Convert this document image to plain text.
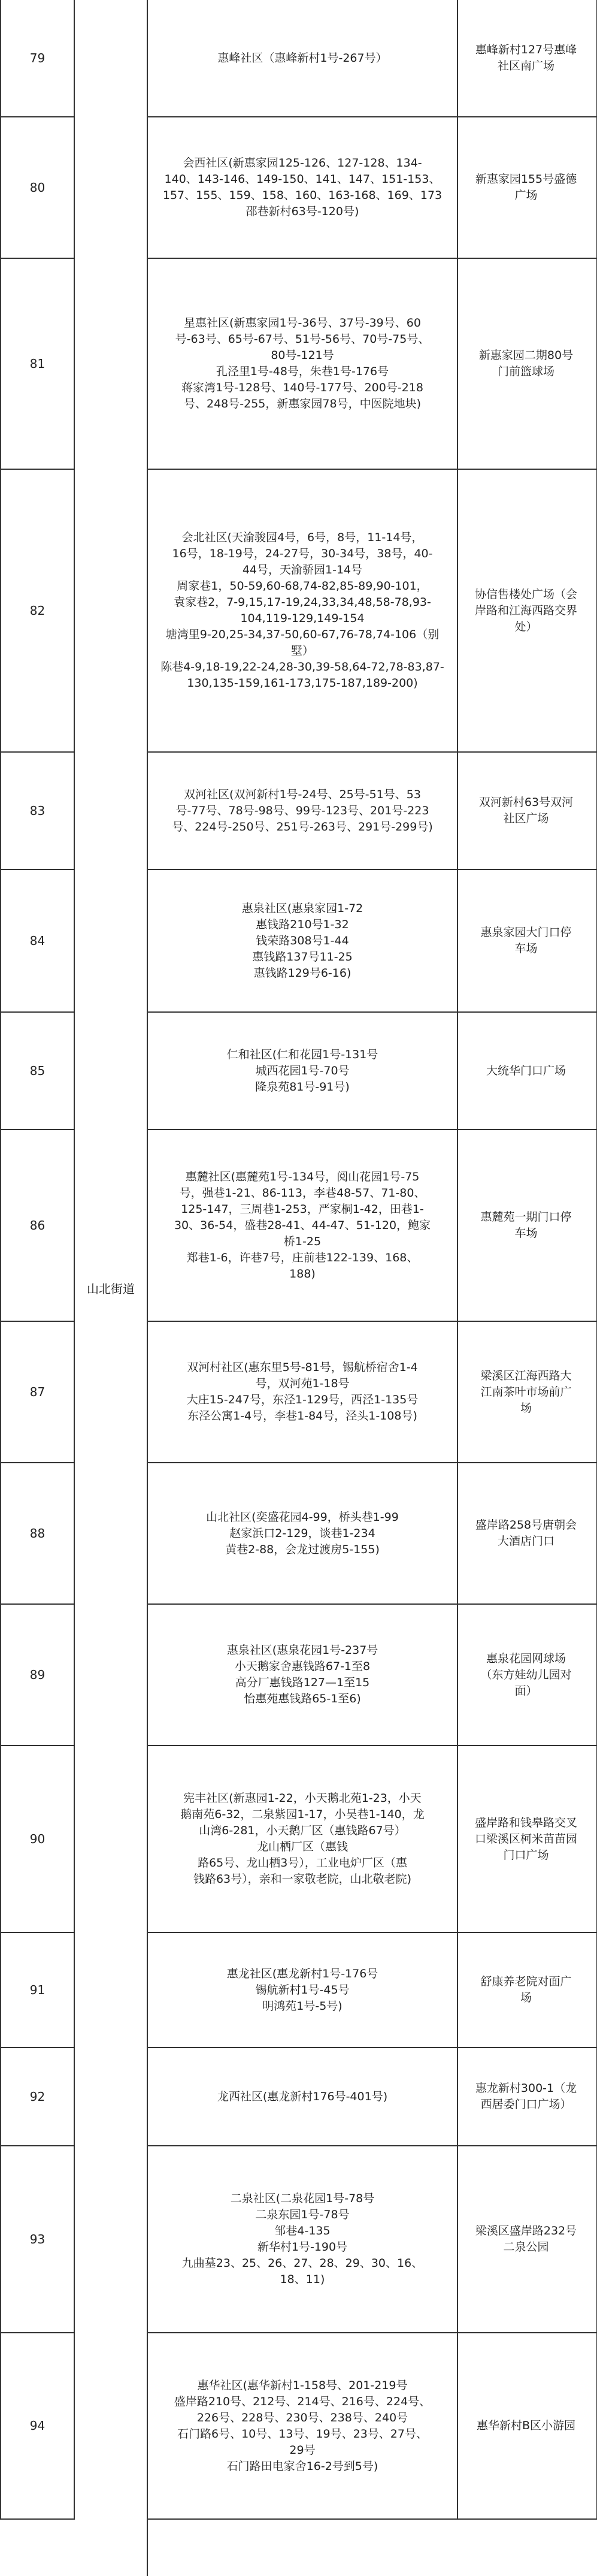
79	惠峰社区（惠峰新村1号-267号）
惠峰新村127号惠峰
社区南广场
80
会西社区(新惠家园125-126、127-128、134-
140、143-146、149-150、141、147、151-153、
157、155、159、158、160、163-168、169、173
邵巷新村63号-120号)
新惠家园155号盛德
广场
81
星惠社区(新惠家园1号-36号、37号-39号、60
号-63号、65号-67号、51号-56号、70号-75号、
80号-121号
孔泾里1号-48号，朱巷1号-176号
蒋家湾1号-128号、140号-177号、200号-218
号、248号-255，新惠家园78号，中医院地块)
新惠家园二期80号
门前篮球场
82
会北社区(天渝骏园4号，6号，8号，11-14号，
16号，18-19号，24-27号，30-34号，38号，40-
44号，天渝骄园1-14号
周家巷1，50-59,60-68,74-82,85-89,90-101，
袁家巷2，7-9,15,17-19,24,33,34,48,58-78,93-
104,119-129,149-154
塘湾里9-20,25-34,37-50,60-67,76-78,74-106（别
墅）
陈巷4-9,18-19,22-24,28-30,39-58,64-72,78-83,87-
130,135-159,161-173,175-187,189-200)
协信售楼处广场（会
岸路和江海西路交界
处）
83
双河社区(双河新村1号-24号、25号-51号、53
号-77号、78号-98号、99号-123号、201号-223
号、224号-250号、251号-263号、291号-299号)
双河新村63号双河
社区广场
84
惠泉社区(惠泉家园1-72
惠钱路210号1-32
钱荣路308号1-44
惠钱路137号11-25
惠钱路129号6-16)
惠泉家园大门口停
车场
85
仁和社区(仁和花园1号-131号
城西花园1号-70号
隆泉苑81号-91号)
大统华门口广场
86
惠麓社区(惠麓苑1号-134号，阅山花园1号-75
号，强巷1-21、86-113，李巷48-57、71-80、
125-147，三周巷1-253，严家桐1-42，田巷1-
30、36-54，盛巷28-41、44-47、51-120，鲍家
桥1-25
郑巷1-6，许巷7号，庄前巷122-139、168、
188)
惠麓苑一期门口停
车场
87
双河村社区(惠东里5号-81号，锡航桥宿舍1-4
号，双河苑1-18号
大庄15-247号，东泾1-129号，西泾1-135号
东泾公寓1-4号，李巷1-84号，泾头1-108号)
梁溪区江海西路大
江南茶叶市场前广
场
88
山北社区(奕盛花园4-99，桥头巷1-99
赵家浜口2-129，谈巷1-234
黄巷2-88，会龙过渡房5-155)
盛岸路258号唐朝会
大酒店门口
89
惠泉社区(惠泉花园1号-237号
小天鹅家舍惠钱路67-1至8
高分厂惠钱路127—1至15
怡惠苑惠钱路65-1至6)
惠泉花园网球场
（东方娃幼儿园对
面）
90
宪丰社区(新惠园1-22，小天鹅北苑1-23，小天
鹅南苑6-32，二泉紫园1-17，小吴巷1-140，龙
山湾6-281，小天鹅厂区（惠钱路67号）
龙山栖厂区（惠钱
路65号、龙山栖3号），工业电炉厂区（惠
钱路63号），亲和一家敬老院，山北敬老院)
盛岸路和钱皋路交叉
口梁溪区柯米苗苗园
门口广场
91
惠龙社区(惠龙新村1号-176号
锡航新村1号-45号
明鸿苑1号-5号)
舒康养老院对面广
场
92	龙西社区(惠龙新村176号-401号)
惠龙新村300-1（龙
西居委门口广场）
93
二泉社区(二泉花园1号-78号
二泉东园1号-78号
邹巷4-135
新华村1号-190号
九曲墓23、25、26、27、28、29、30、16、
18、11)
梁溪区盛岸路232号
二泉公园
94
惠华社区(惠华新村1-158号、201-219号
盛岸路210号、212号、214号、216号、224号、
226号、228号、230号、238号、240号
石门路6号、10号、13号、19号、23号、27号、
29号
石门路田电家舍16-2号到5号)
惠华新村B区小游园
山北街道
